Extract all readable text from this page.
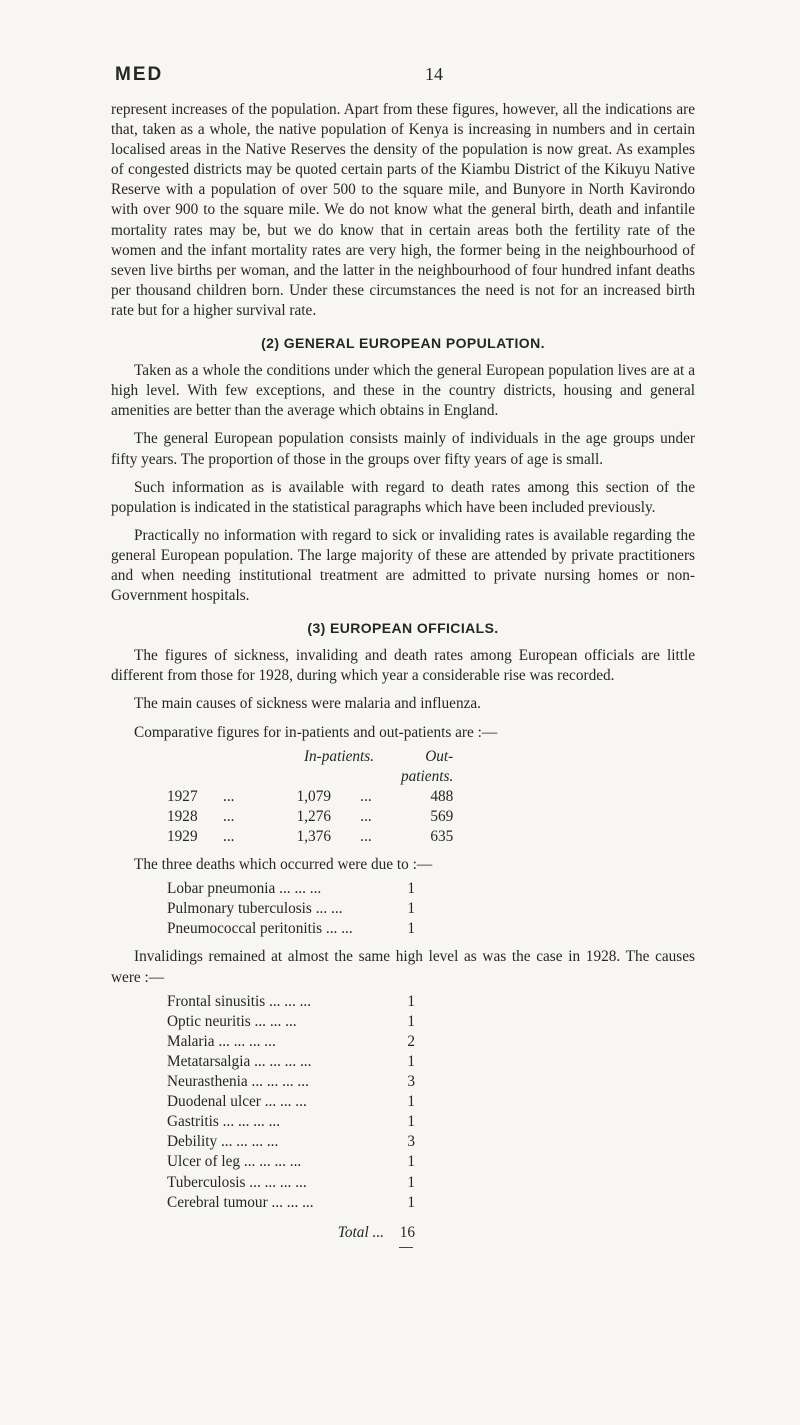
MED	14

represent increases of the population. Apart from these figures, however, all the indications are that, taken as a whole, the native population of Kenya is increasing in numbers and in certain localised areas in the Native Reserves the density of the population is now great. As examples of congested districts may be quoted certain parts of the Kiambu District of the Kikuyu Native Reserve with a population of over 500 to the square mile, and Bunyore in North Kavirondo with over 900 to the square mile. We do not know what the general birth, death and infantile mortality rates may be, but we do know that in certain areas both the fertility rate of the women and the infant mortality rates are very high, the former being in the neighbourhood of seven live births per woman, and the latter in the neighbourhood of four hundred infant deaths per thousand children born. Under these circumstances the need is not for an increased birth rate but for a higher survival rate.

(2) GENERAL EUROPEAN POPULATION.

Taken as a whole the conditions under which the general European population lives are at a high level. With few exceptions, and these in the country districts, housing and general amenities are better than the average which obtains in England.

The general European population consists mainly of individuals in the age groups under fifty years. The proportion of those in the groups over fifty years of age is small.

Such information as is available with regard to death rates among this section of the population is indicated in the statistical paragraphs which have been included previously.

Practically no information with regard to sick or invaliding rates is available regarding the general European population. The large majority of these are attended by private practitioners and when needing institutional treatment are admitted to private nursing homes or non-Government hospitals.

(3) EUROPEAN OFFICIALS.

The figures of sickness, invaliding and death rates among European officials are little different from those for 1928, during which year a considerable rise was recorded.

The main causes of sickness were malaria and influenza.

Comparative figures for in-patients and out-patients are :—

		In-patients.		Out-patients.
1927	...	1,079	...	488
1928	...	1,276	...	569
1929	...	1,376	...	635

The three deaths which occurred were due to :—

Lobar pneumonia ... ... ...	1
Pulmonary tuberculosis ... ...	1
Pneumococcal peritonitis ... ...	1

Invalidings remained at almost the same high level as was the case in 1928. The causes were :—

Frontal sinusitis ... ... ...	1
Optic neuritis ... ... ...	1
Malaria ... ... ... ...	2
Metatarsalgia ... ... ... ...	1
Neurasthenia ... ... ... ...	3
Duodenal ulcer ... ... ...	1
Gastritis ... ... ... ...	1
Debility ... ... ... ...	3
Ulcer of leg ... ... ... ...	1
Tuberculosis ... ... ... ...	1
Cerebral tumour ... ... ...	1
Total ...	16
